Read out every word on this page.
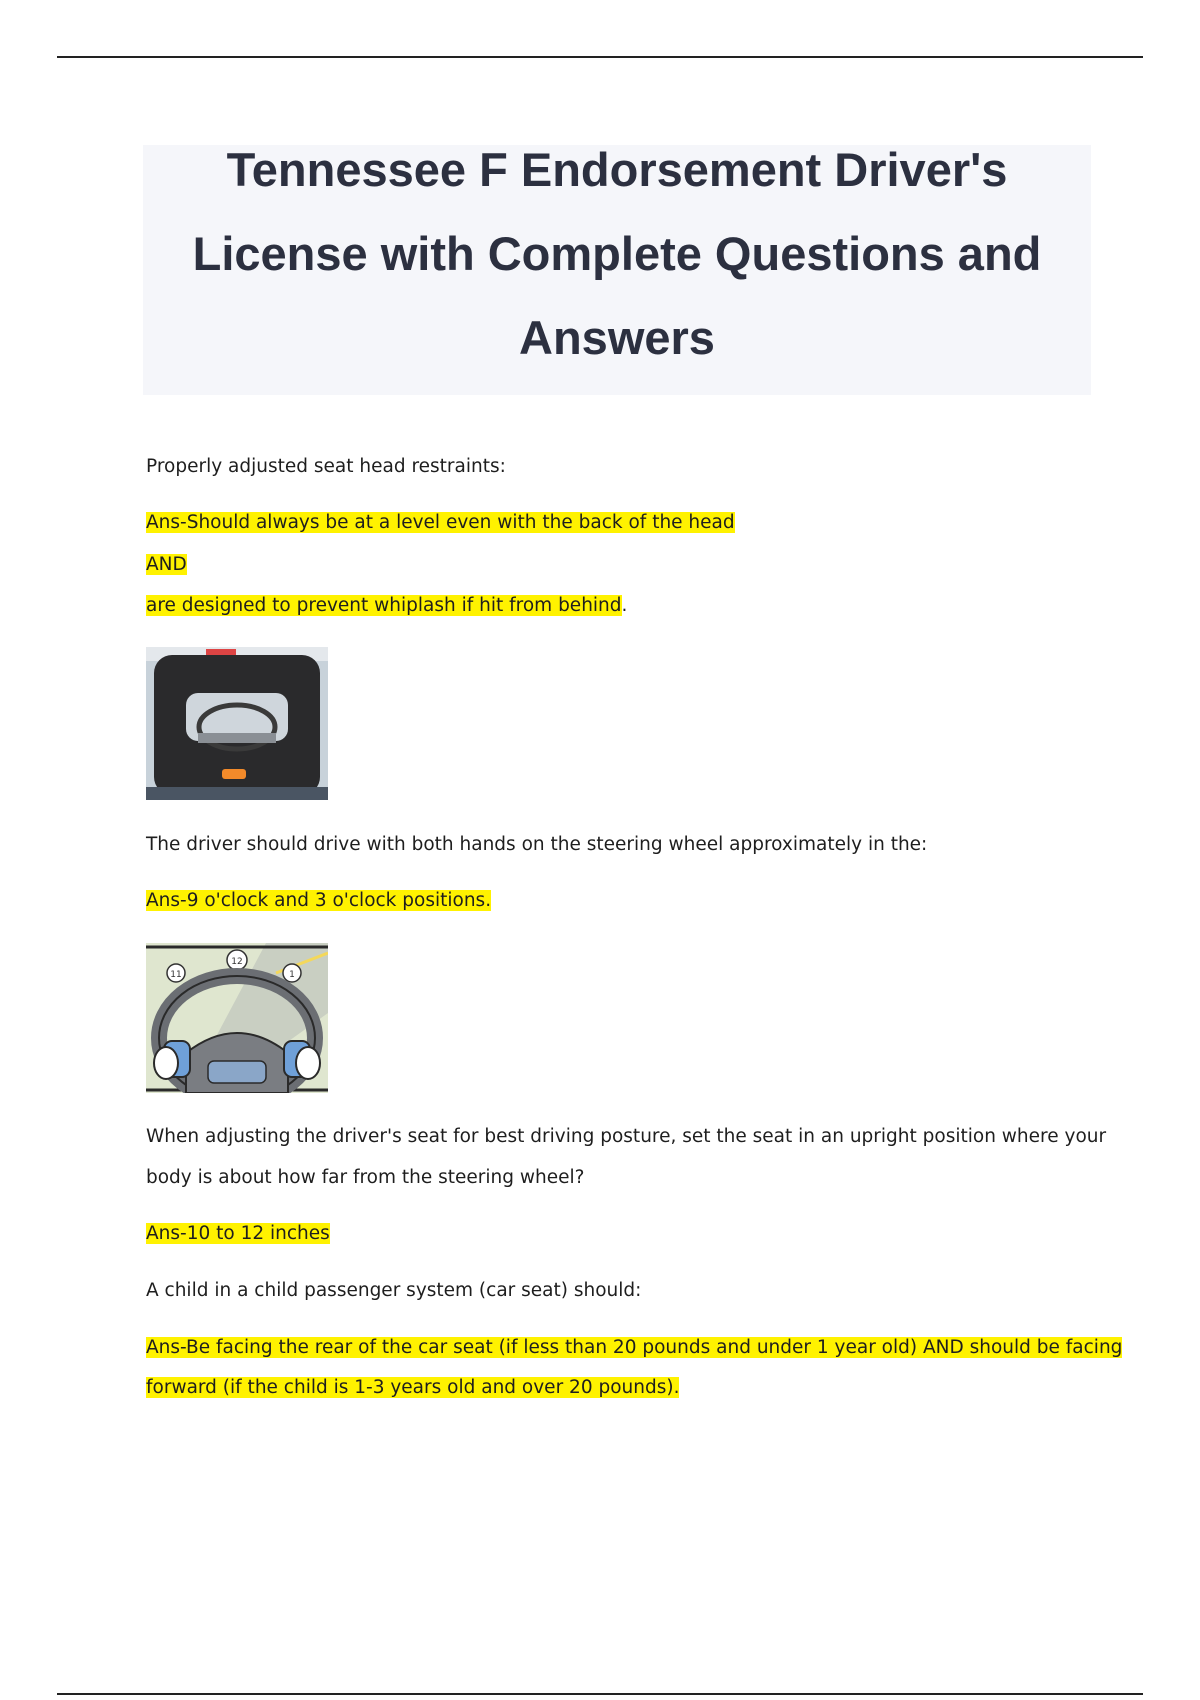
Tennessee F Endorsement Driver's License with Complete Questions and Answers
Properly adjusted seat head restraints:
Ans-Should always be at a level even with the back of the head
AND
are designed to prevent whiplash if hit from behind.
The driver should drive with both hands on the steering wheel approximately in the:
Ans-9 o'clock and 3 o'clock positions.
11
12
1
When adjusting the driver's seat for best driving posture, set the seat in an upright position where your
body is about how far from the steering wheel?
Ans-10 to 12 inches
A child in a child passenger system (car seat) should:
Ans-Be facing the rear of the car seat (if less than 20 pounds and under 1 year old) AND should be facing
forward (if the child is 1-3 years old and over 20 pounds).
